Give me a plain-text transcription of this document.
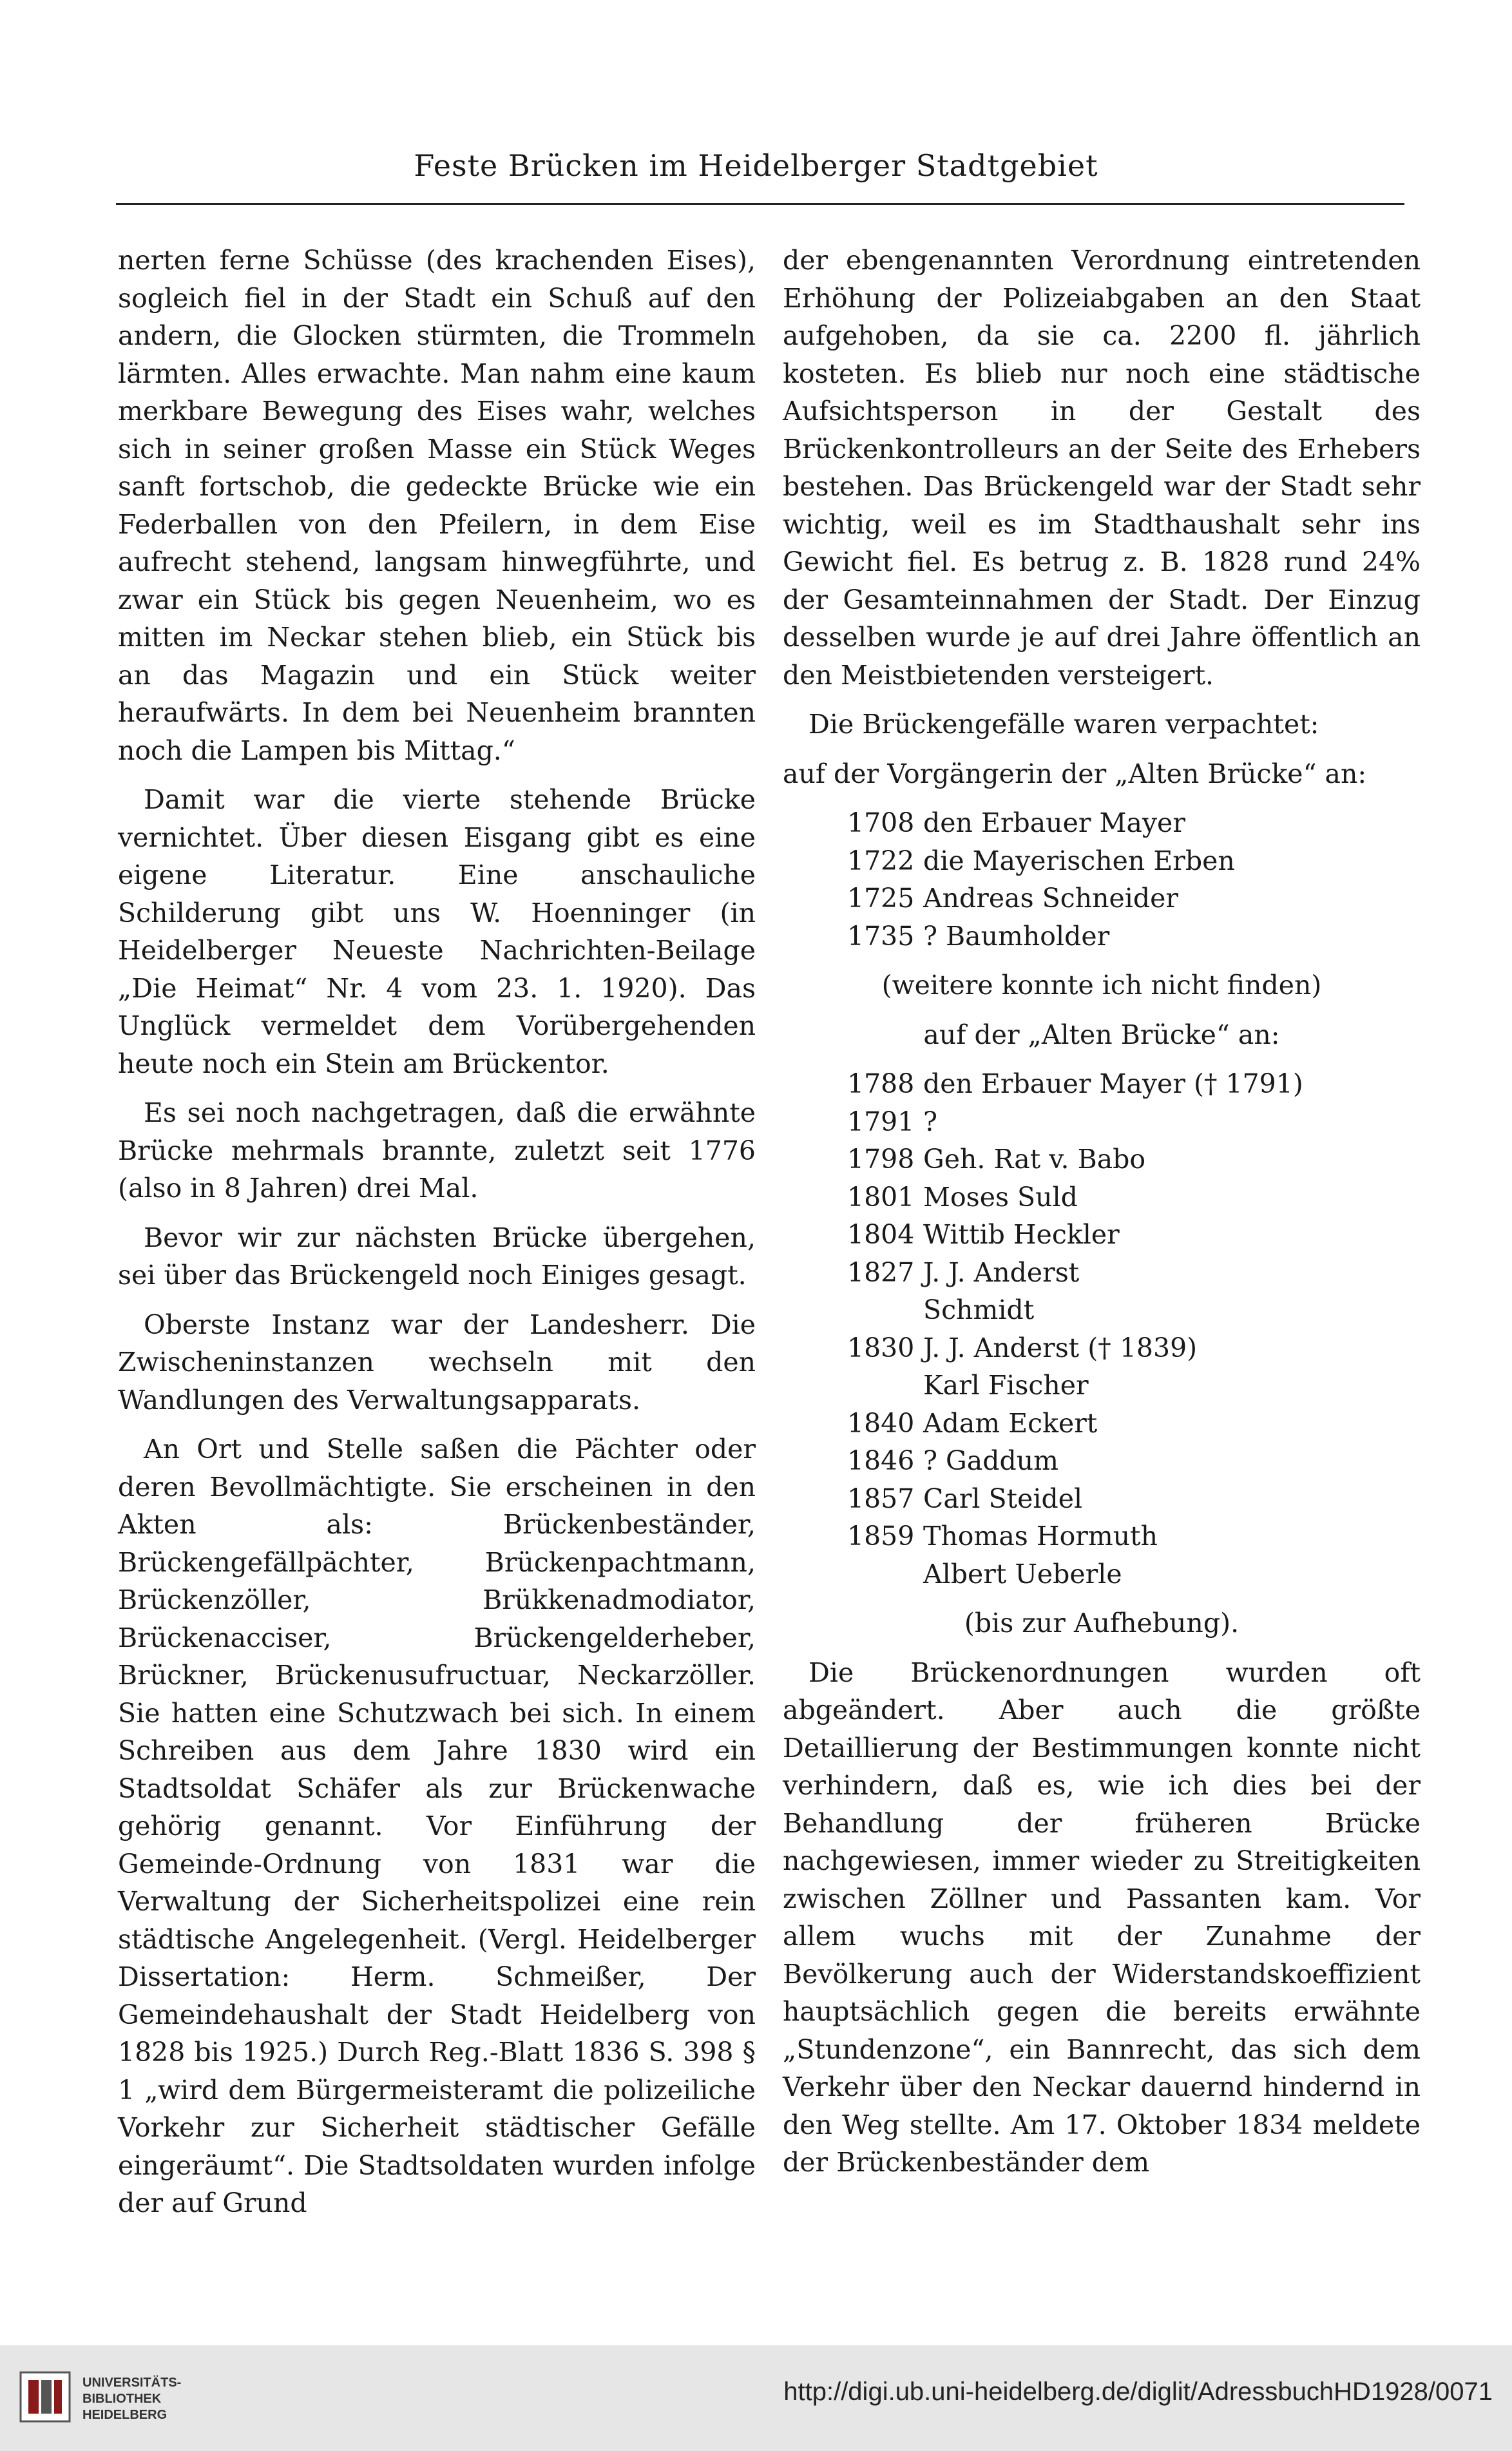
Feste Brücken im Heidelberger Stadtgebiet

nerten ferne Schüsse (des krachenden Eises), sogleich fiel in der Stadt ein Schuß auf den andern, die Glocken stürmten, die Trommeln lärmten. Alles erwachte. Man nahm eine kaum merkbare Bewegung des Eises wahr, welches sich in seiner großen Masse ein Stück Weges sanft fortschob, die gedeckte Brücke wie ein Federballen von den Pfeilern, in dem Eise aufrecht stehend, langsam hinwegführte, und zwar ein Stück bis gegen Neuenheim, wo es mitten im Neckar stehen blieb, ein Stück bis an das Magazin und ein Stück weiter heraufwärts. In dem bei Neuenheim brannten noch die Lampen bis Mittag.“

Damit war die vierte stehende Brücke vernichtet. Über diesen Eisgang gibt es eine eigene Literatur. Eine anschauliche Schilderung gibt uns W. Hoenninger (in Heidelberger Neueste Nachrichten-Beilage „Die Heimat“ Nr. 4 vom 23. 1. 1920). Das Unglück vermeldet dem Vorübergehenden heute noch ein Stein am Brückentor.

Es sei noch nachgetragen, daß die erwähnte Brücke mehrmals brannte, zuletzt seit 1776 (also in 8 Jahren) drei Mal.

Bevor wir zur nächsten Brücke übergehen, sei über das Brückengeld noch Einiges gesagt.

Oberste Instanz war der Landesherr. Die Zwischeninstanzen wechseln mit den Wandlungen des Verwaltungsapparats.

An Ort und Stelle saßen die Pächter oder deren Bevollmächtigte. Sie erscheinen in den Akten als: Brückenbeständer, Brückengefällpächter, Brückenpachtmann, Brückenzöller, Brükkenadmodiator, Brückenacciser, Brückengelderheber, Brückner, Brückenusufructuar, Neckarzöller. Sie hatten eine Schutzwach bei sich. In einem Schreiben aus dem Jahre 1830 wird ein Stadtsoldat Schäfer als zur Brückenwache gehörig genannt. Vor Einführung der Gemeinde-Ordnung von 1831 war die Verwaltung der Sicherheitspolizei eine rein städtische Angelegenheit. (Vergl. Heidelberger Dissertation: Herm. Schmeißer, Der Gemeindehaushalt der Stadt Heidelberg von 1828 bis 1925.) Durch Reg.-Blatt 1836 S. 398 § 1 „wird dem Bürgermeisteramt die polizeiliche Vorkehr zur Sicherheit städtischer Gefälle eingeräumt“. Die Stadtsoldaten wurden infolge der auf Grund

der ebengenannten Verordnung eintretenden Erhöhung der Polizeiabgaben an den Staat aufgehoben, da sie ca. 2200 fl. jährlich kosteten. Es blieb nur noch eine städtische Aufsichtsperson in der Gestalt des Brückenkontrolleurs an der Seite des Erhebers bestehen. Das Brückengeld war der Stadt sehr wichtig, weil es im Stadthaushalt sehr ins Gewicht fiel. Es betrug z. B. 1828 rund 24% der Gesamteinnahmen der Stadt. Der Einzug desselben wurde je auf drei Jahre öffentlich an den Meistbietenden versteigert.

Die Brückengefälle waren verpachtet:

auf der Vorgängerin der „Alten Brücke“ an:

1708 den Erbauer Mayer
1722 die Mayerischen Erben
1725 Andreas Schneider
1735 ? Baumholder

(weitere konnte ich nicht finden)

auf der „Alten Brücke“ an:

1788 den Erbauer Mayer († 1791)
1791 ?
1798 Geh. Rat v. Babo
1801 Moses Suld
1804 Wittib Heckler
1827 J. J. Anderst
Schmidt
1830 J. J. Anderst († 1839)
Karl Fischer
1840 Adam Eckert
1846 ? Gaddum
1857 Carl Steidel
1859 Thomas Hormuth
Albert Ueberle

(bis zur Aufhebung).

Die Brückenordnungen wurden oft abgeändert. Aber auch die größte Detaillierung der Bestimmungen konnte nicht verhindern, daß es, wie ich dies bei der Behandlung der früheren Brücke nachgewiesen, immer wieder zu Streitigkeiten zwischen Zöllner und Passanten kam. Vor allem wuchs mit der Zunahme der Bevölkerung auch der Widerstandskoeffizient hauptsächlich gegen die bereits erwähnte „Stundenzone“, ein Bannrecht, das sich dem Verkehr über den Neckar dauernd hindernd in den Weg stellte. Am 17. Oktober 1834 meldete der Brückenbeständer dem

UNIVERSITÄTS-
BIBLIOTHEK
HEIDELBERG
http://digi.ub.uni-heidelberg.de/diglit/AdressbuchHD1928/0071
